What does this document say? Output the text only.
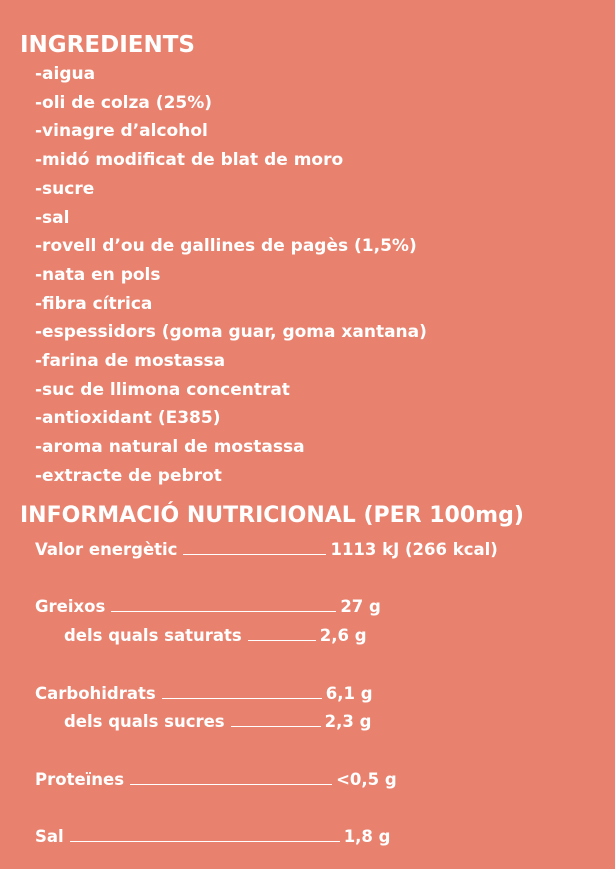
INGREDIENTS
-aigua
-oli de colza (25%)
-vinagre d’alcohol
-midó modificat de blat de moro
-sucre
-sal
-rovell d’ou de gallines de pagès (1,5%)
-nata en pols
-fibra cítrica
-espessidors (goma guar, goma xantana)
-farina de mostassa
-suc de llimona concentrat
-antioxidant (E385)
-aroma natural de mostassa
-extracte de pebrot
INFORMACIÓ NUTRICIONAL (PER 100mg)
Valor energètic	1113 kJ (266 kcal)
Greixos	27 g
dels quals saturats	2,6 g
Carbohidrats	6,1 g
dels quals sucres	2,3 g
Proteïnes	<0,5 g
Sal	1,8 g
